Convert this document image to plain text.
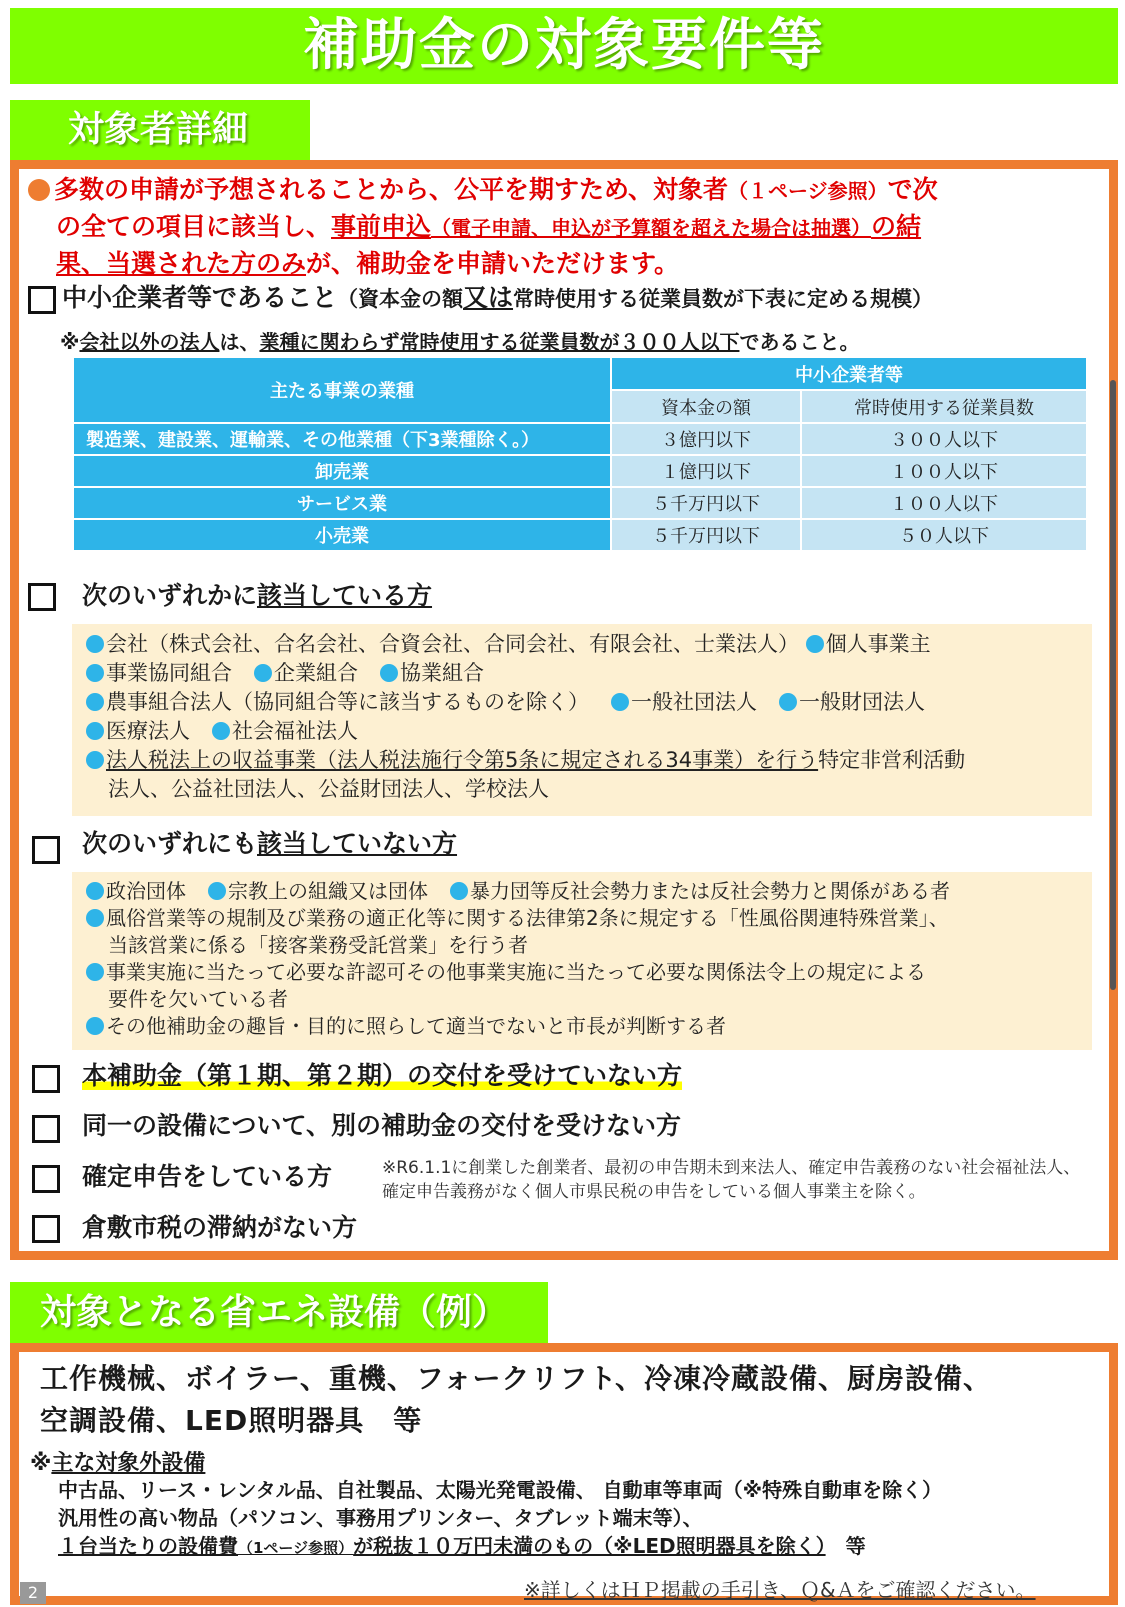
補助金の対象要件等
対象者詳細
多数の申請が予想されることから、公平を期すため、対象者（１ページ参照）で次
の全ての項目に該当し、事前申込（電子申請、申込が予算額を超えた場合は抽選）の結
果、当選された方のみが、補助金を申請いただけます。
中小企業者等であること（資本金の額又は常時使用する従業員数が下表に定める規模）
※会社以外の法人は、業種に関わらず常時使用する従業員数が３００人以下であること。
主たる事業の業種	中小企業者等	
	資本金の額	常時使用する従業員数
製造業、建設業、運輸業、その他業種（下3業種除く。）	３億円以下	３００人以下
卸売業	１億円以下	１００人以下
サービス業	５千万円以下	１００人以下
小売業	５千万円以下	５０人以下
次のいずれかに該当している方
会社（株式会社、合名会社、合資会社、合同会社、有限会社、士業法人） 個人事業主
事業協同組合 企業組合 協業組合
農事組合法人（協同組合等に該当するものを除く） 一般社団法人 一般財団法人
医療法人 社会福祉法人
法人税法上の収益事業（法人税法施行令第5条に規定される34事業）を行う特定非営利活動
法人、公益社団法人、公益財団法人、学校法人
次のいずれにも該当していない方
政治団体 宗教上の組織又は団体 暴力団等反社会勢力または反社会勢力と関係がある者
風俗営業等の規制及び業務の適正化等に関する法律第2条に規定する「性風俗関連特殊営業」、
当該営業に係る「接客業務受託営業」を行う者
事業実施に当たって必要な許認可その他事業実施に当たって必要な関係法令上の規定による
要件を欠いている者
その他補助金の趣旨・目的に照らして適当でないと市長が判断する者
本補助金（第１期、第２期）の交付を受けていない方
同一の設備について、別の補助金の交付を受けない方
確定申告をしている方	※R6.1.1に創業した創業者、最初の申告期未到来法人、確定申告義務のない社会福祉法人、確定申告義務がなく個人市県民税の申告をしている個人事業主を除く。
倉敷市税の滞納がない方
対象となる省エネ設備（例）
工作機械、ボイラー、重機、フォークリフト、冷凍冷蔵設備、厨房設備、
空調設備、LED照明器具　等
※主な対象外設備
中古品、リース・レンタル品、自社製品、太陽光発電設備、 自動車等車両（※特殊自動車を除く）
汎用性の高い物品（パソコン、事務用プリンター、タブレット端末等）、
１台当たりの設備費（1ページ参照）が税抜１０万円未満のもの（※LED照明器具を除く）　等
※詳しくはＨＰ掲載の手引き、Ｑ&Ａをご確認ください。
2
